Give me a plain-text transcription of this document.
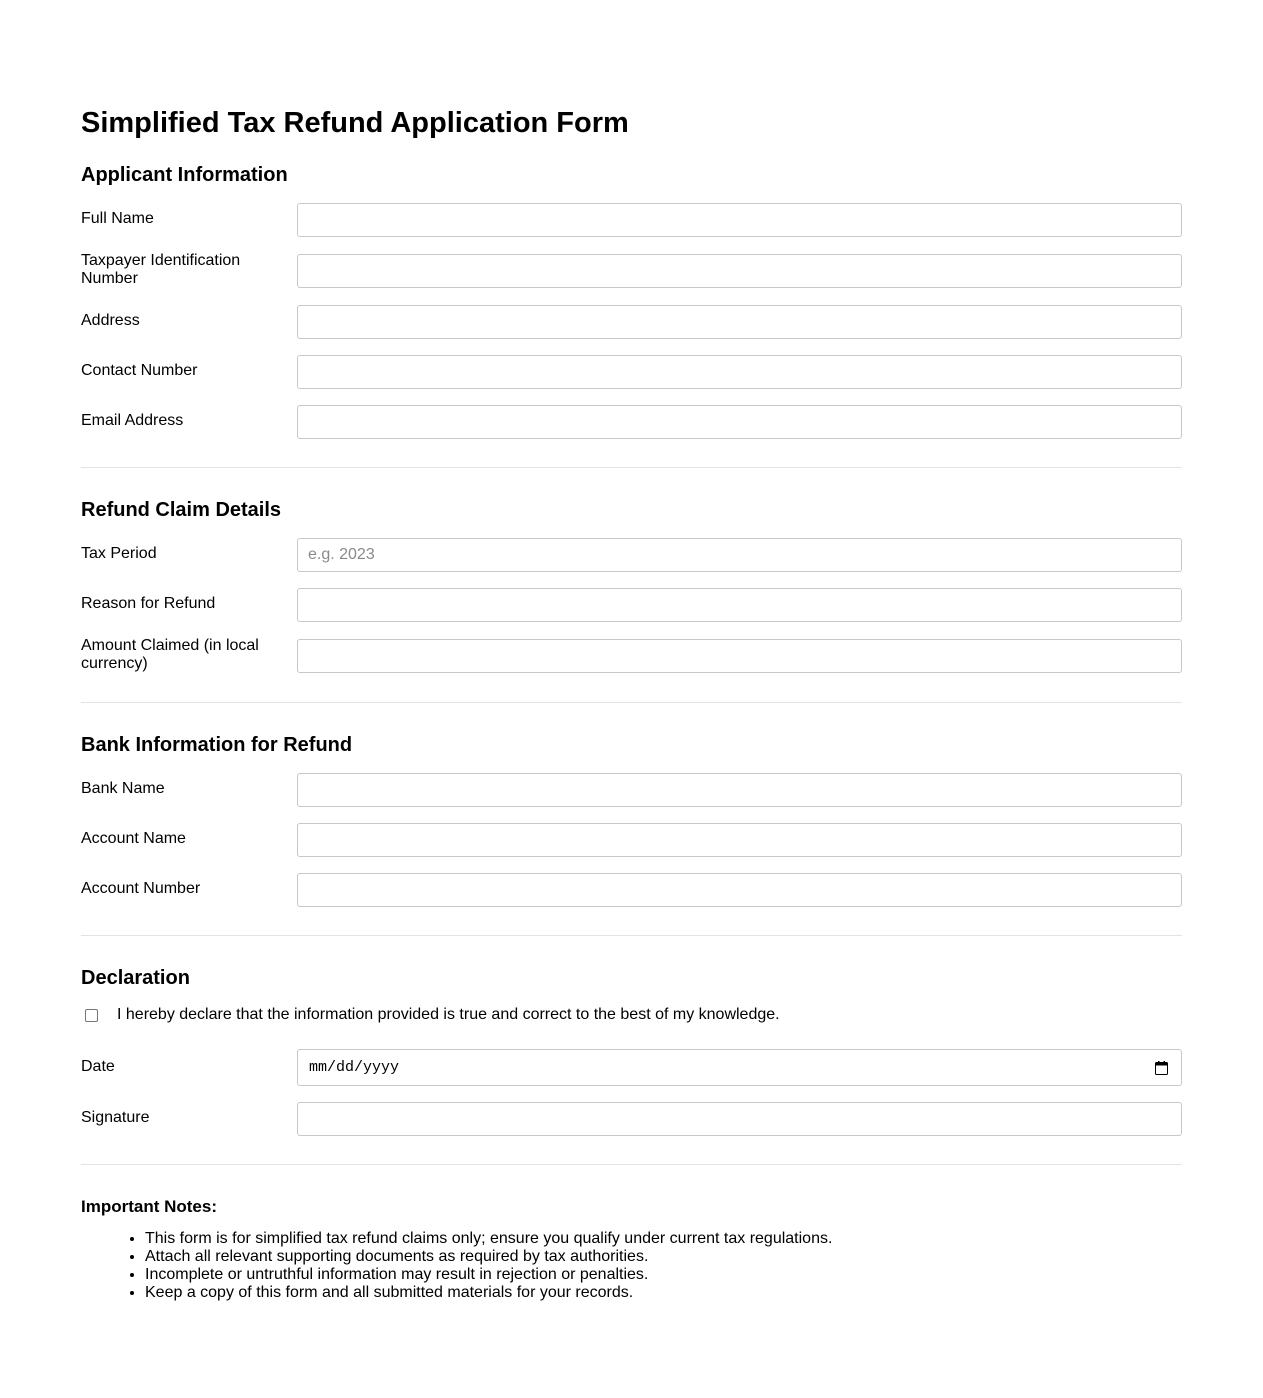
Simplified Tax Refund Application Form
Applicant Information
Full Name
Taxpayer Identification Number
Address
Contact Number
Email Address
Refund Claim Details
Tax Period
e.g. 2023
Reason for Refund
Amount Claimed (in local currency)
Bank Information for Refund
Bank Name
Account Name
Account Number
Declaration
I hereby declare that the information provided is true and correct to the best of my knowledge.
Date	mm/dd/yyyy
Signature
Important Notes:
• This form is for simplified tax refund claims only; ensure you qualify under current tax regulations.
• Attach all relevant supporting documents as required by tax authorities.
• Incomplete or untruthful information may result in rejection or penalties.
• Keep a copy of this form and all submitted materials for your records.
